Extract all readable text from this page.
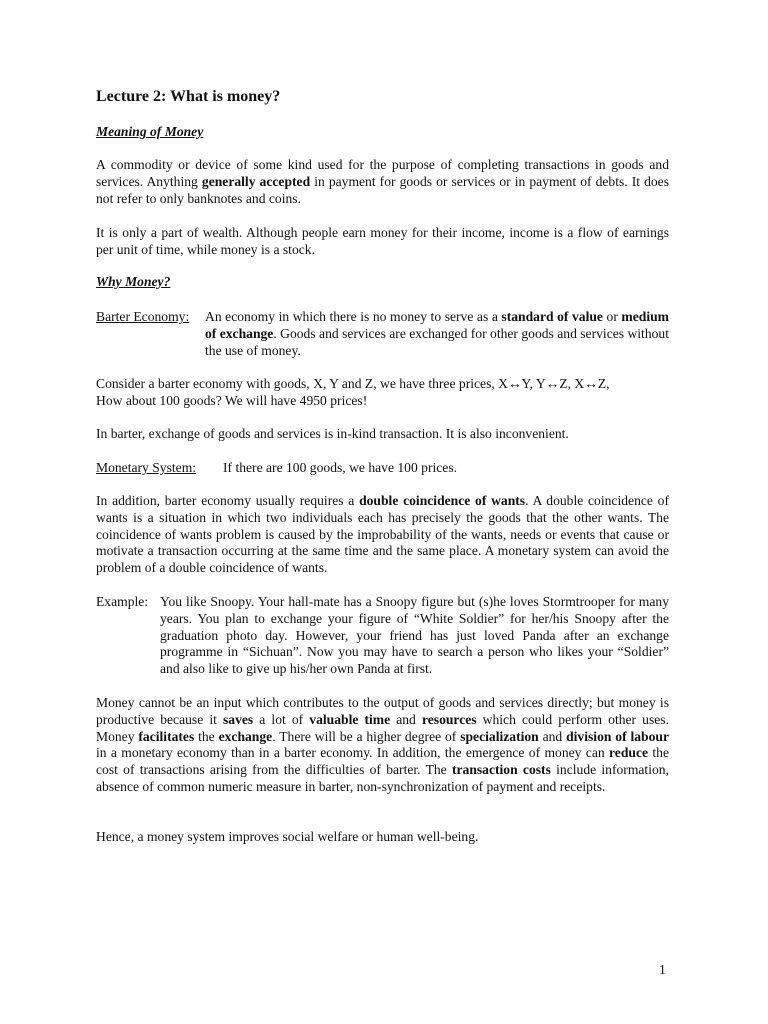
Lecture 2: What is money?
Meaning of Money
A commodity or device of some kind used for the purpose of completing transactions in goods and services. Anything generally accepted in payment for goods or services or in payment of debts. It does not refer to only banknotes and coins.
It is only a part of wealth. Although people earn money for their income, income is a flow of earnings per unit of time, while money is a stock.
Why Money?
Barter Economy: An economy in which there is no money to serve as a standard of value or medium of exchange. Goods and services are exchanged for other goods and services without the use of money.
Consider a barter economy with goods, X, Y and Z, we have three prices, X↔Y, Y↔Z, X↔Z,
How about 100 goods? We will have 4950 prices!
In barter, exchange of goods and services is in-kind transaction. It is also inconvenient.
Monetary System: If there are 100 goods, we have 100 prices.
In addition, barter economy usually requires a double coincidence of wants. A double coincidence of wants is a situation in which two individuals each has precisely the goods that the other wants. The coincidence of wants problem is caused by the improbability of the wants, needs or events that cause or motivate a transaction occurring at the same time and the same place. A monetary system can avoid the problem of a double coincidence of wants.
Example: You like Snoopy. Your hall-mate has a Snoopy figure but (s)he loves Stormtrooper for many years. You plan to exchange your figure of “White Soldier” for her/his Snoopy after the graduation photo day. However, your friend has just loved Panda after an exchange programme in “Sichuan”. Now you may have to search a person who likes your “Soldier” and also like to give up his/her own Panda at first.
Money cannot be an input which contributes to the output of goods and services directly; but money is productive because it saves a lot of valuable time and resources which could perform other uses. Money facilitates the exchange. There will be a higher degree of specialization and division of labour in a monetary economy than in a barter economy. In addition, the emergence of money can reduce the cost of transactions arising from the difficulties of barter. The transaction costs include information, absence of common numeric measure in barter, non-synchronization of payment and receipts.
Hence, a money system improves social welfare or human well-being.
1
